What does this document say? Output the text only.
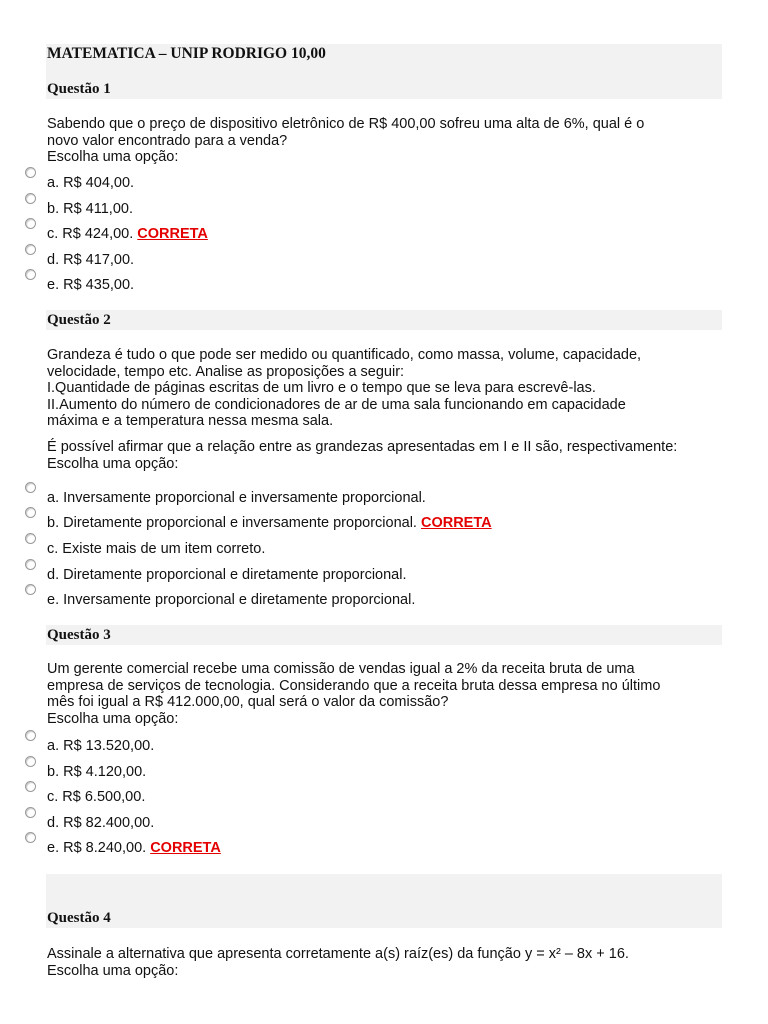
MATEMATICA – UNIP RODRIGO 10,00
Questão 1
Sabendo que o preço de dispositivo eletrônico de R$ 400,00 sofreu uma alta de 6%, qual é o
novo valor encontrado para a venda?
Escolha uma opção:
a. R$ 404,00.
b. R$ 411,00.
c. R$ 424,00. CORRETA
d. R$ 417,00.
e. R$ 435,00.
Questão 2
Grandeza é tudo o que pode ser medido ou quantificado, como massa, volume, capacidade,
velocidade, tempo etc. Analise as proposições a seguir:
I.Quantidade de páginas escritas de um livro e o tempo que se leva para escrevê-las.
II.Aumento do número de condicionadores de ar de uma sala funcionando em capacidade
máxima e a temperatura nessa mesma sala.
É possível afirmar que a relação entre as grandezas apresentadas em I e II são, respectivamente:
Escolha uma opção:
a. Inversamente proporcional e inversamente proporcional.
b. Diretamente proporcional e inversamente proporcional. CORRETA
c. Existe mais de um item correto.
d. Diretamente proporcional e diretamente proporcional.
e. Inversamente proporcional e diretamente proporcional.
Questão 3
Um gerente comercial recebe uma comissão de vendas igual a 2% da receita bruta de uma
empresa de serviços de tecnologia. Considerando que a receita bruta dessa empresa no último
mês foi igual a R$ 412.000,00, qual será o valor da comissão?
Escolha uma opção:
a. R$ 13.520,00.
b. R$ 4.120,00.
c. R$ 6.500,00.
d. R$ 82.400,00.
e. R$ 8.240,00. CORRETA
Questão 4
Assinale a alternativa que apresenta corretamente a(s) raíz(es) da função y = x² – 8x + 16.
Escolha uma opção:
